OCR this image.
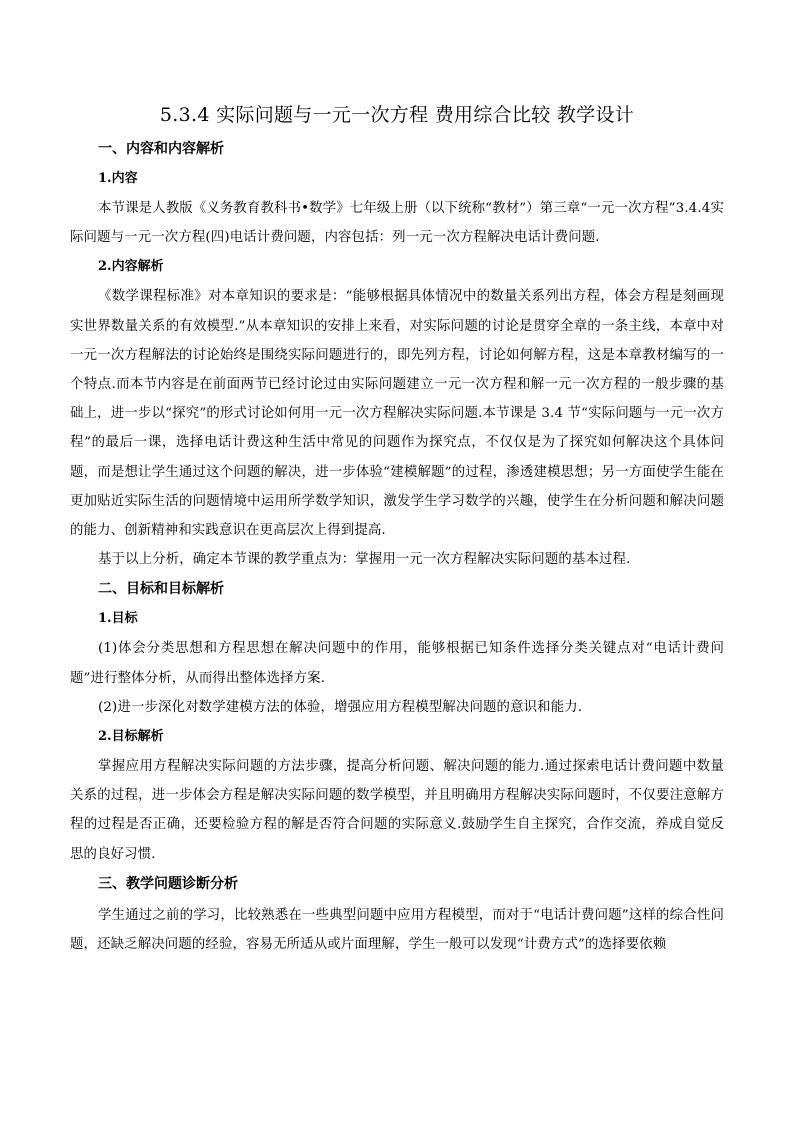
5.3.4 实际问题与一元一次方程 费用综合比较 教学设计
一、内容和内容解析
1.内容

本节课是人教版《义务教育教科书•数学》七年级上册（以下统称“教材”）第三章“一元一次方程”3.4.4实际问题与一元一次方程(四)电话计费问题，内容包括：列一元一次方程解决电话计费问题.

2.内容解析

《数学课程标准》对本章知识的要求是：“能够根据具体情况中的数量关系列出方程，体会方程是刻画现实世界数量关系的有效模型.”从本章知识的安排上来看，对实际问题的讨论是贯穿全章的一条主线，本章中对一元一次方程解法的讨论始终是围绕实际问题进行的，即先列方程，讨论如何解方程，这是本章教材编写的一个特点.而本节内容是在前面两节已经讨论过由实际问题建立一元一次方程和解一元一次方程的一般步骤的基础上，进一步以“探究”的形式讨论如何用一元一次方程解决实际问题.本节课是 3.4 节“实际问题与一元一次方程”的最后一课，选择电话计费这种生活中常见的问题作为探究点，不仅仅是为了探究如何解决这个具体问题，而是想让学生通过这个问题的解决，进一步体验“建模解题”的过程，渗透建模思想；另一方面使学生能在更加贴近实际生活的问题情境中运用所学数学知识，激发学生学习数学的兴趣，使学生在分析问题和解决问题的能力、创新精神和实践意识在更高层次上得到提高.

基于以上分析，确定本节课的教学重点为：掌握用一元一次方程解决实际问题的基本过程.

二、目标和目标解析
1.目标

(1)体会分类思想和方程思想在解决问题中的作用，能够根据已知条件选择分类关键点对“电话计费问题”进行整体分析，从而得出整体选择方案.

(2)进一步深化对数学建模方法的体验，增强应用方程模型解决问题的意识和能力.

2.目标解析

掌握应用方程解决实际问题的方法步骤，提高分析问题、解决问题的能力.通过探索电话计费问题中数量关系的过程，进一步体会方程是解决实际问题的数学模型，并且明确用方程解决实际问题时，不仅要注意解方程的过程是否正确，还要检验方程的解是否符合问题的实际意义.鼓励学生自主探究，合作交流，养成自觉反思的良好习惯.

三、教学问题诊断分析

学生通过之前的学习，比较熟悉在一些典型问题中应用方程模型，而对于“电话计费问题”这样的综合性问题，还缺乏解决问题的经验，容易无所适从或片面理解，学生一般可以发现“计费方式”的选择要依赖
